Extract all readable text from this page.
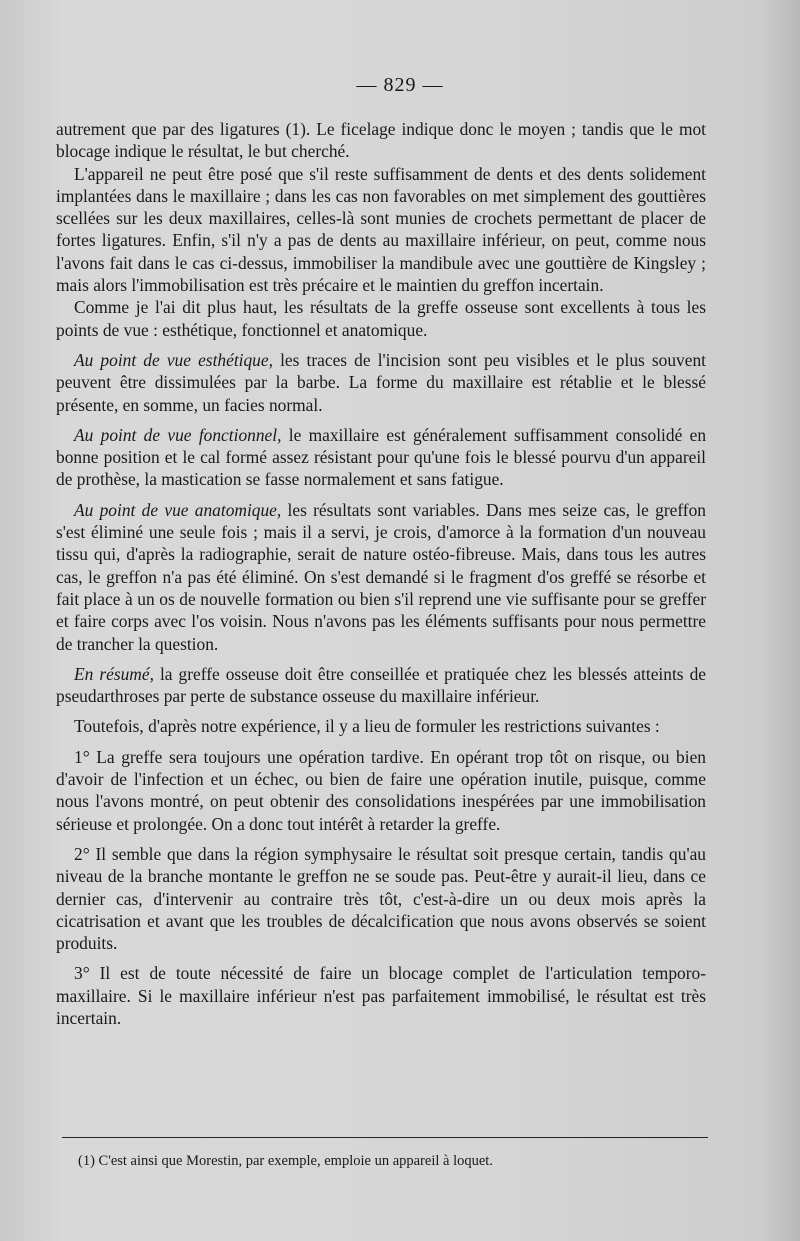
— 829 —

autrement que par des ligatures (1). Le ficelage indique donc le moyen ; tandis que le mot blocage indique le résultat, le but cherché.

L'appareil ne peut être posé que s'il reste suffisamment de dents et des dents solidement implantées dans le maxillaire ; dans les cas non favorables on met simplement des gouttières scellées sur les deux maxillaires, celles-là sont munies de crochets permettant de placer de fortes ligatures. Enfin, s'il n'y a pas de dents au maxillaire inférieur, on peut, comme nous l'avons fait dans le cas ci-dessus, immobiliser la mandibule avec une gouttière de Kingsley ; mais alors l'immobilisation est très précaire et le maintien du greffon incertain.

Comme je l'ai dit plus haut, les résultats de la greffe osseuse sont excellents à tous les points de vue : esthétique, fonctionnel et anatomique.

Au point de vue esthétique, les traces de l'incision sont peu visibles et le plus souvent peuvent être dissimulées par la barbe. La forme du maxillaire est rétablie et le blessé présente, en somme, un facies normal.

Au point de vue fonctionnel, le maxillaire est généralement suffisamment consolidé en bonne position et le cal formé assez résistant pour qu'une fois le blessé pourvu d'un appareil de prothèse, la mastication se fasse normalement et sans fatigue.

Au point de vue anatomique, les résultats sont variables. Dans mes seize cas, le greffon s'est éliminé une seule fois ; mais il a servi, je crois, d'amorce à la formation d'un nouveau tissu qui, d'après la radiographie, serait de nature ostéo-fibreuse. Mais, dans tous les autres cas, le greffon n'a pas été éliminé. On s'est demandé si le fragment d'os greffé se résorbe et fait place à un os de nouvelle formation ou bien s'il reprend une vie suffisante pour se greffer et faire corps avec l'os voisin. Nous n'avons pas les éléments suffisants pour nous permettre de trancher la question.

En résumé, la greffe osseuse doit être conseillée et pratiquée chez les blessés atteints de pseudarthroses par perte de substance osseuse du maxillaire inférieur.

Toutefois, d'après notre expérience, il y a lieu de formuler les restrictions suivantes :

1° La greffe sera toujours une opération tardive. En opérant trop tôt on risque, ou bien d'avoir de l'infection et un échec, ou bien de faire une opération inutile, puisque, comme nous l'avons montré, on peut obtenir des consolidations inespérées par une immobilisation sérieuse et prolongée. On a donc tout intérêt à retarder la greffe.

2° Il semble que dans la région symphysaire le résultat soit presque certain, tandis qu'au niveau de la branche montante le greffon ne se soude pas. Peut-être y aurait-il lieu, dans ce dernier cas, d'intervenir au contraire très tôt, c'est-à-dire un ou deux mois après la cicatrisation et avant que les troubles de décalcification que nous avons observés se soient produits.

3° Il est de toute nécessité de faire un blocage complet de l'articulation temporo-maxillaire. Si le maxillaire inférieur n'est pas parfaitement immobilisé, le résultat est très incertain.

(1) C'est ainsi que Morestin, par exemple, emploie un appareil à loquet.
